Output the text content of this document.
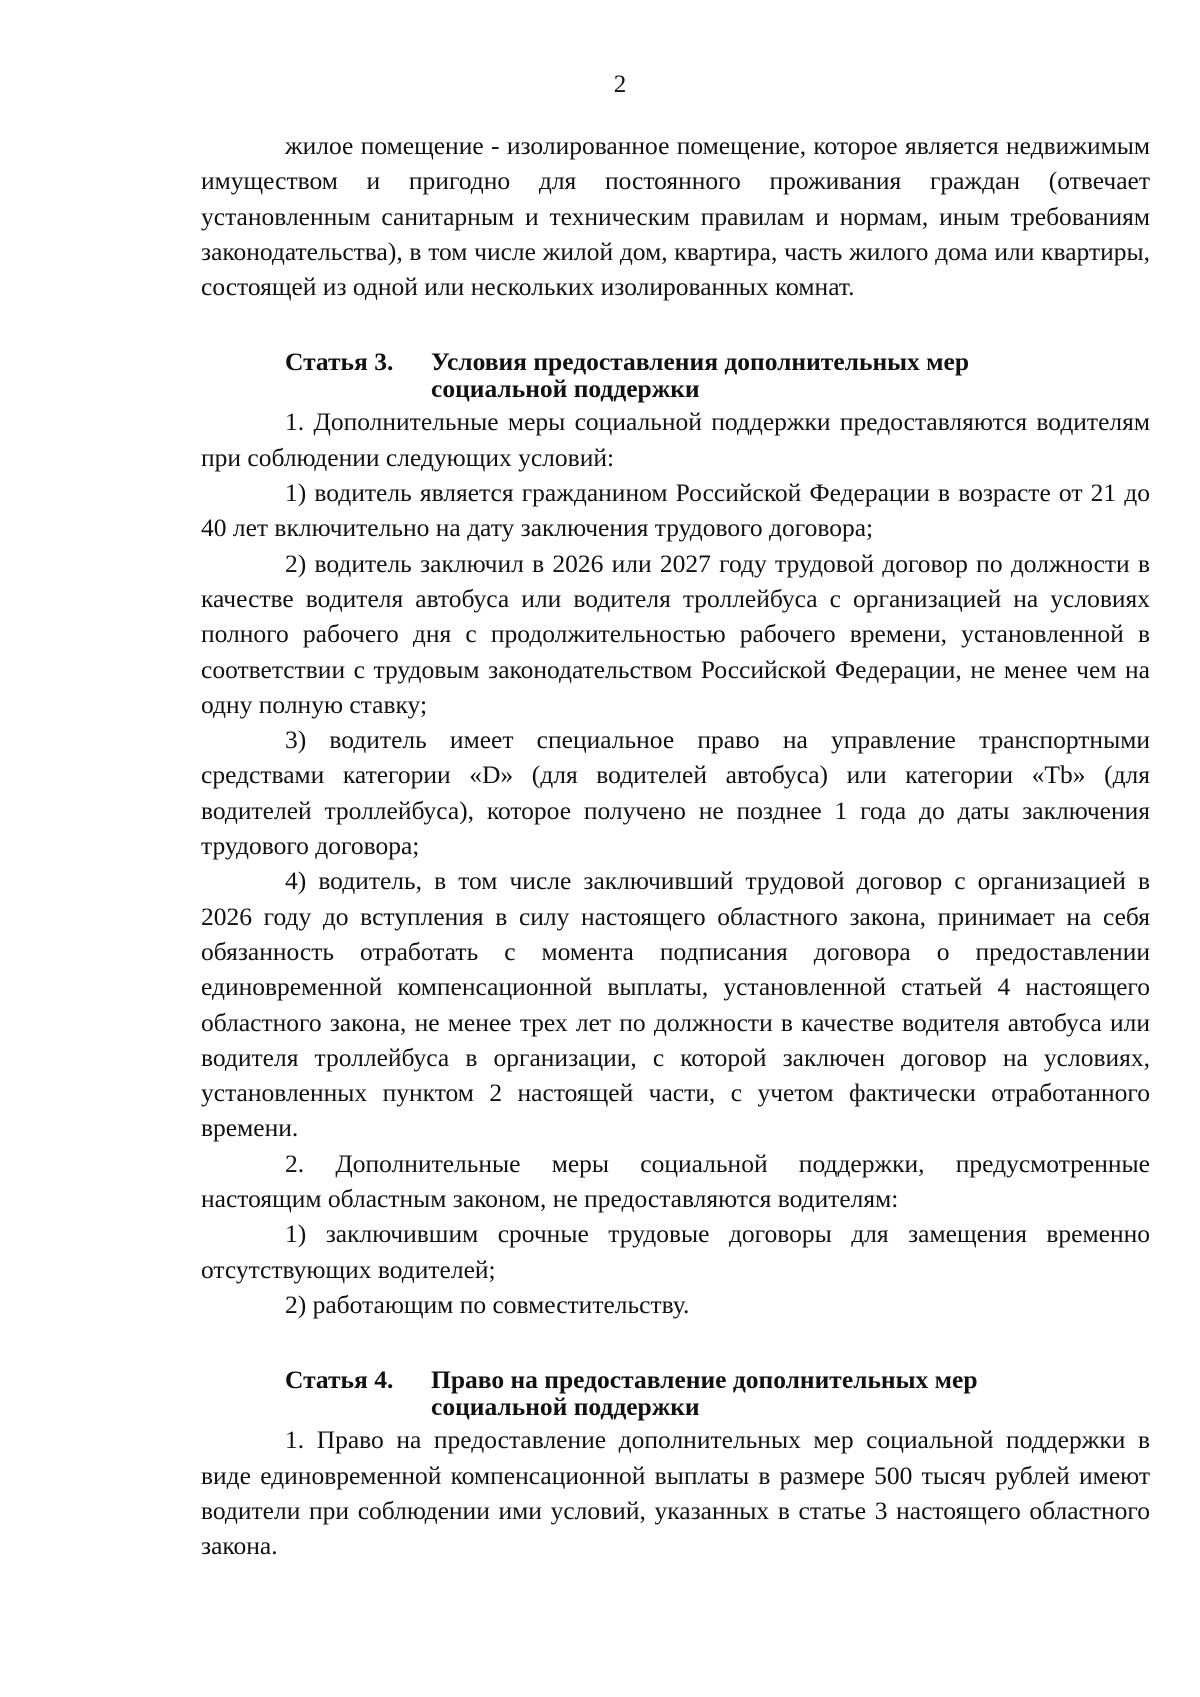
2

жилое помещение - изолированное помещение, которое является недвижимым имуществом и пригодно для постоянного проживания граждан (отвечает установленным санитарным и техническим правилам и нормам, иным требованиям законодательства), в том числе жилой дом, квартира, часть жилого дома или квартиры, состоящей из одной или нескольких изолированных комнат.

Статья 3.	Условия предоставления дополнительных мер социальной поддержки

1. Дополнительные меры социальной поддержки предоставляются водителям при соблюдении следующих условий:

1) водитель является гражданином Российской Федерации в возрасте от 21 до 40 лет включительно на дату заключения трудового договора;

2) водитель заключил в 2026 или 2027 году трудовой договор по должности в качестве водителя автобуса или водителя троллейбуса с организацией на условиях полного рабочего дня с продолжительностью рабочего времени, установленной в соответствии с трудовым законодательством Российской Федерации, не менее чем на одну полную ставку;

3) водитель имеет специальное право на управление транспортными средствами категории «D» (для водителей автобуса) или категории «Tb» (для водителей троллейбуса), которое получено не позднее 1 года до даты заключения трудового договора;

4) водитель, в том числе заключивший трудовой договор с организацией в 2026 году до вступления в силу настоящего областного закона, принимает на себя обязанность отработать с момента подписания договора о предоставлении единовременной компенсационной выплаты, установленной статьей 4 настоящего областного закона, не менее трех лет по должности в качестве водителя автобуса или водителя троллейбуса в организации, с которой заключен договор на условиях, установленных пунктом 2 настоящей части, с учетом фактически отработанного времени.

2. Дополнительные меры социальной поддержки, предусмотренные настоящим областным законом, не предоставляются водителям:

1) заключившим срочные трудовые договоры для замещения временно отсутствующих водителей;

2) работающим по совместительству.

Статья 4.	Право на предоставление дополнительных мер социальной поддержки

1. Право на предоставление дополнительных мер социальной поддержки в виде единовременной компенсационной выплаты в размере 500 тысяч рублей имеют водители при соблюдении ими условий, указанных в статье 3 настоящего областного закона.
